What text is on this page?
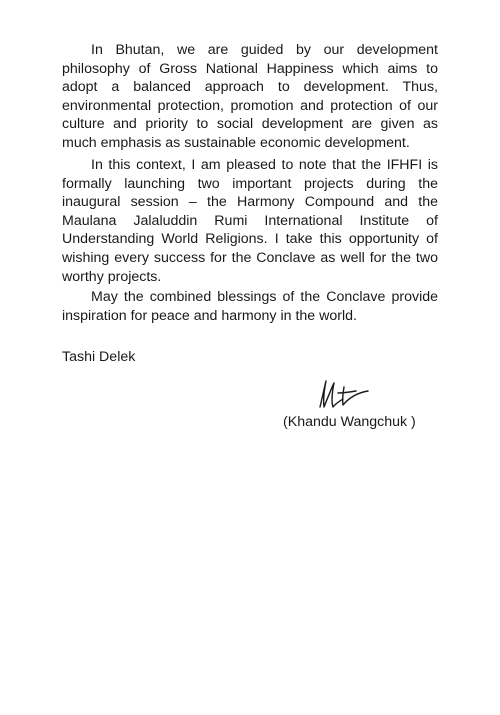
In Bhutan, we are guided by our development philosophy of Gross National Happiness which aims to adopt a balanced approach to development. Thus, environmental protection, promotion and protection of our culture and priority to social development are given as much emphasis as sustainable economic development.

In this context, I am pleased to note that the IFHFI is formally launching two important projects during the inaugural session – the Harmony Compound and the Maulana Jalaluddin Rumi International Institute of Understanding World Religions. I take this opportunity of wishing every success for the Conclave as well for the two worthy projects.

May the combined blessings of the Conclave provide inspiration for peace and harmony in the world.

Tashi Delek

(Khandu Wangchuk )
